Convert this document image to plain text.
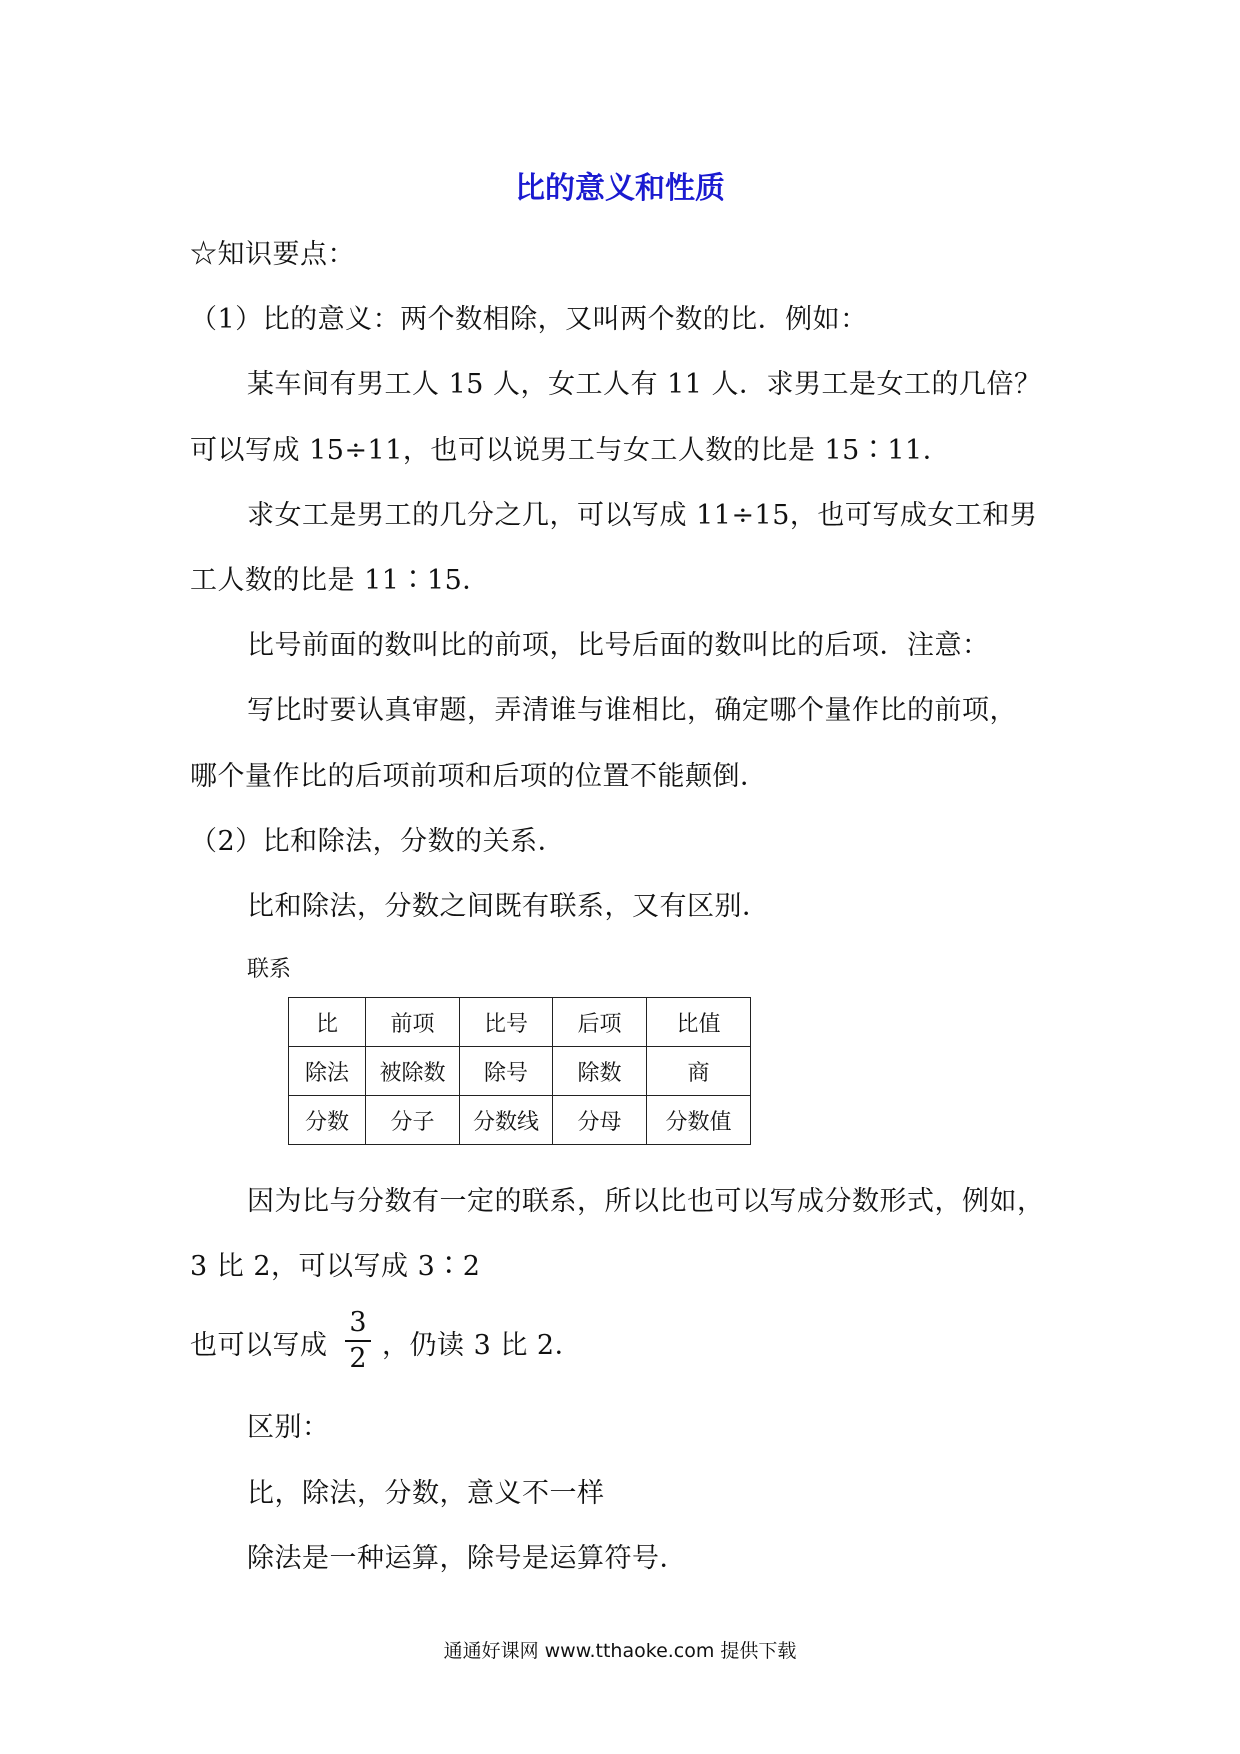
比的意义和性质
☆知识要点：
（1）比的意义：两个数相除，又叫两个数的比．例如：
某车间有男工人 15 人，女工人有 11 人．求男工是女工的几倍？
可以写成 15÷11，也可以说男工与女工人数的比是 15∶11．
求女工是男工的几分之几，可以写成 11÷15，也可写成女工和男
工人数的比是 11∶15．
比号前面的数叫比的前项，比号后面的数叫比的后项．注意：
写比时要认真审题，弄清谁与谁相比，确定哪个量作比的前项，
哪个量作比的后项前项和后项的位置不能颠倒．
（2）比和除法，分数的关系．
比和除法，分数之间既有联系，又有区别．
联系
比	前项	比号	后项	比值
除法	被除数	除号	除数	商
分数	分子	分数线	分母	分数值
因为比与分数有一定的联系，所以比也可以写成分数形式，例如，
3 比 2，可以写成 3∶2
也可以写成
3
2 ，仍读 3 比 2．
区别：
比，除法，分数，意义不一样
除法是一种运算，除号是运算符号．
通通好课网 www.tthaoke.com 提供下载
